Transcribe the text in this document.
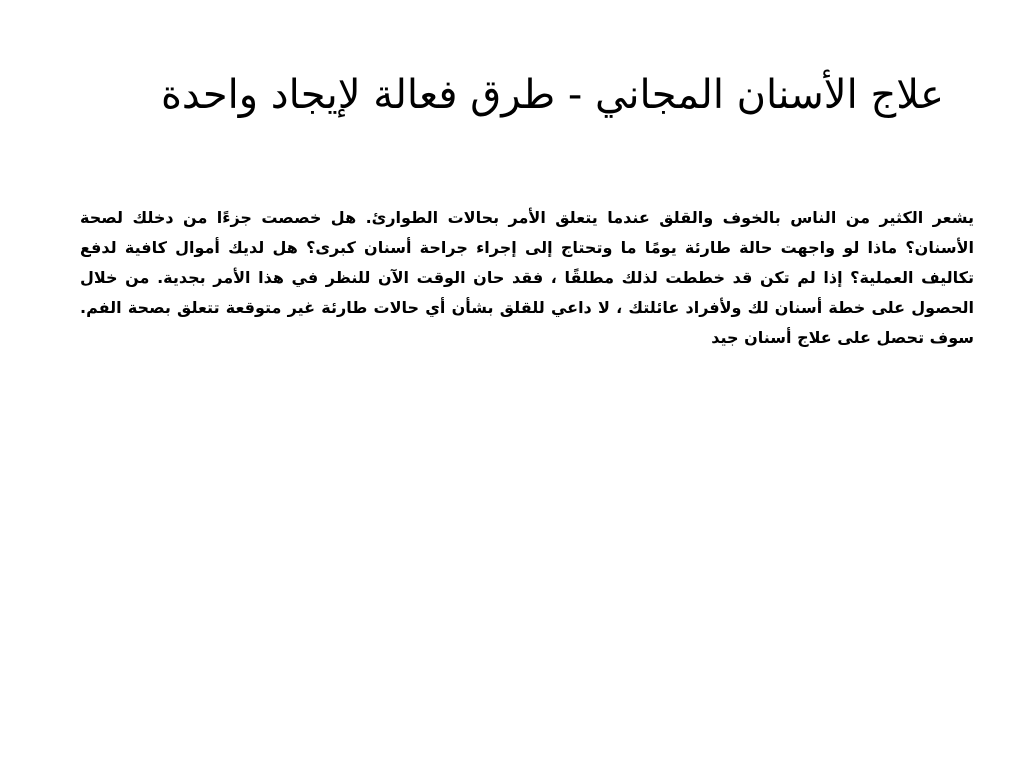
علاج الأسنان المجاني - طرق فعالة لإيجاد واحدة

يشعر الكثير من الناس بالخوف والقلق عندما يتعلق الأمر بحالات الطوارئ. هل خصصت جزءًا من دخلك لصحة الأسنان؟ ماذا لو واجهت حالة طارئة يومًا ما وتحتاج إلى إجراء جراحة أسنان كبرى؟ هل لديك أموال كافية لدفع تكاليف العملية؟ إذا لم تكن قد خططت لذلك مطلقًا ، فقد حان الوقت الآن للنظر في هذا الأمر بجدية. من خلال الحصول على خطة أسنان لك ولأفراد عائلتك ، لا داعي للقلق بشأن أي حالات طارئة غير متوقعة تتعلق بصحة الفم. سوف تحصل على علاج أسنان جيد
